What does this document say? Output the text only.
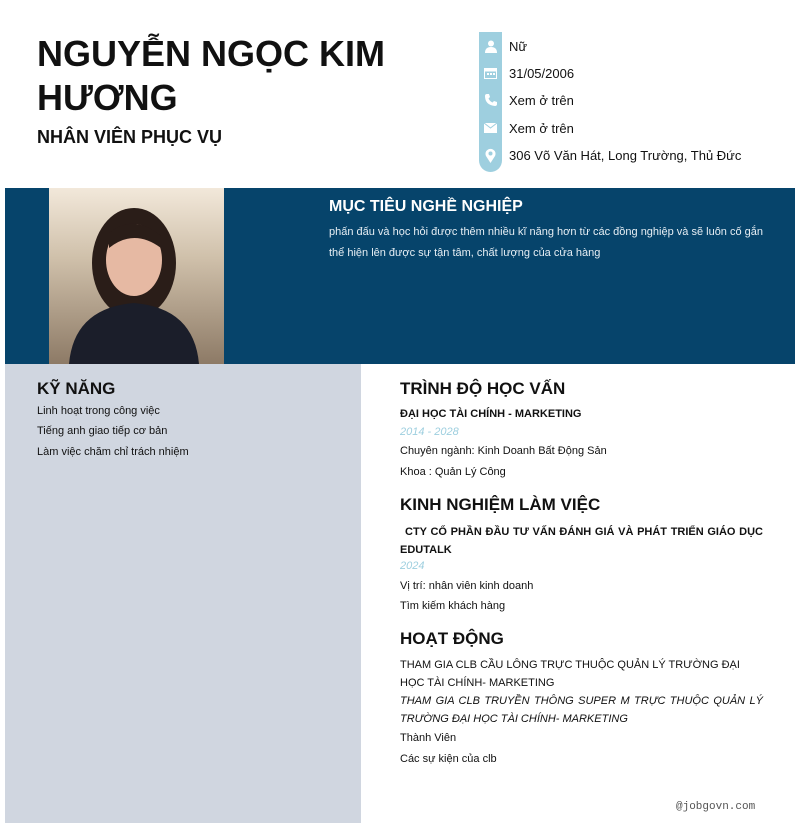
NGUYỄN NGỌC KIM HƯƠNG
NHÂN VIÊN PHỤC VỤ
Nữ
31/05/2006
Xem ở trên
Xem ở trên
306 Võ Văn Hát, Long Trường, Thủ Đức
MỤC TIÊU NGHỀ NGHIỆP
phấn đấu và học hỏi được thêm nhiều kĩ năng hơn từ các đồng nghiệp và sẽ luôn cố gắn thể hiện lên được sự tận tâm, chất lượng của cửa hàng
KỸ NĂNG
Linh hoạt trong công việc
Tiếng anh giao tiếp cơ bản
Làm việc chăm chỉ trách nhiệm
TRÌNH ĐỘ HỌC VẤN
ĐẠI HỌC TÀI CHÍNH - MARKETING
2014 - 2028
Chuyên ngành: Kinh Doanh Bất Động Sản
Khoa : Quản Lý Công
KINH NGHIỆM LÀM VIỆC
CTY CỔ PHẦN ĐẦU TƯ VẤN ĐÁNH GIÁ VÀ PHÁT TRIỂN GIÁO DỤC EDUTALK
2024
Vị trí: nhân viên kinh doanh
Tìm kiếm khách hàng
HOẠT ĐỘNG
THAM GIA CLB CẦU LÔNG TRỰC THUỘC QUẢN LÝ TRƯỜNG ĐẠI HỌC TÀI CHÍNH- MARKETING
THAM GIA CLB TRUYỀN THÔNG SUPER M TRỰC THUỘC QUẢN LÝ TRƯỜNG ĐẠI HỌC TÀI CHÍNH- MARKETING
Thành Viên
Các sự kiện của clb
@jobgovn.com
